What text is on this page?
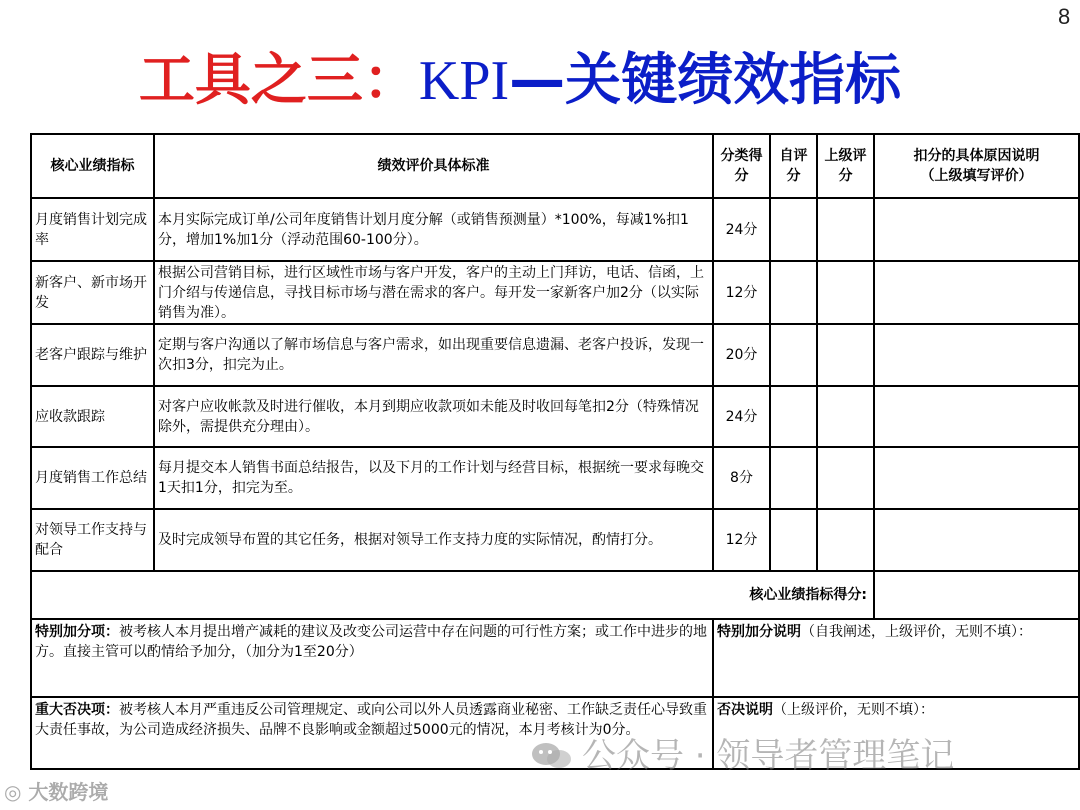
8
工具之三：KPI—关键绩效指标
核心业绩指标	绩效评价具体标准	分类得分	自评分	上级评分	扣分的具体原因说明
（上级填写评价）

月度销售计划完成率	本月实际完成订单/公司年度销售计划月度分解（或销售预测量）*100%，每减1%扣1分，增加1%加1分（浮动范围60-100分）。	24分			
新客户、新市场开发	根据公司营销目标，进行区域性市场与客户开发，客户的主动上门拜访，电话、信函，上门介绍与传递信息，寻找目标市场与潜在需求的客户。每开发一家新客户加2分（以实际销售为准）。	12分			
老客户跟踪与维护	定期与客户沟通以了解市场信息与客户需求，如出现重要信息遗漏、老客户投诉，发现一次扣3分，扣完为止。	20分			
应收款跟踪	对客户应收帐款及时进行催收，本月到期应收款项如未能及时收回每笔扣2分（特殊情况除外，需提供充分理由）。	24分			
月度销售工作总结	每月提交本人销售书面总结报告，以及下月的工作计划与经营目标，根据统一要求每晚交1天扣1分，扣完为至。	8分			
对领导工作支持与配合	及时完成领导布置的其它任务，根据对领导工作支持力度的实际情况，酌情打分。	12分			
核心业绩指标得分:					
特别加分项：被考核人本月提出增产减耗的建议及改变公司运营中存在问题的可行性方案；或工作中进步的地方。直接主管可以酌情给予加分，（加分为1至20分）		特别加分说明（自我阐述，上级评价，无则不填）：			
重大否决项：被考核人本月严重违反公司管理规定、或向公司以外人员透露商业秘密、工作缺乏责任心导致重大责任事故，为公司造成经济损失、品牌不良影响或金额超过5000元的情况，本月考核计为0分。		否决说明（上级评价，无则不填）：			
公众号 · 领导者管理笔记
◎ 大数跨境
